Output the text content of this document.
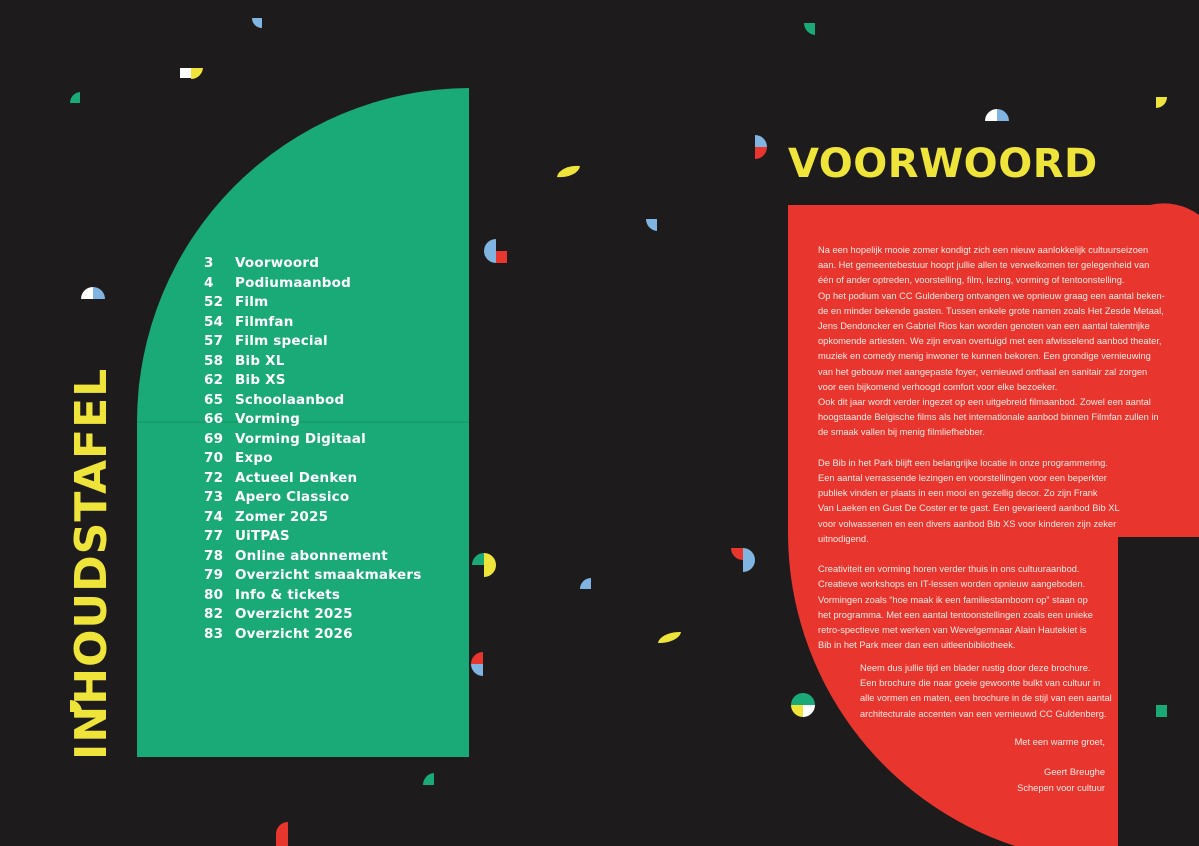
INHOUDSTAFEL
3	Voorwoord
4	Podiumaanbod
52 Film
54 Filmfan
57 Film special
58 Bib XL
62 Bib XS
65 Schoolaanbod
66 Vorming
69 Vorming Digitaal
70 Expo
72 Actueel Denken
73 Apero Classico
74 Zomer 2025
77 UiTPAS
78 Online abonnement
79 Overzicht smaakmakers
80 Info & tickets
82 Overzicht 2025
83 Overzicht 2026
VOORWOORD

Na een hopelijk mooie zomer kondigt zich een nieuw aanlokkelijk cultuurseizoen
aan. Het gemeentebestuur hoopt jullie allen te verwelkomen ter gelegenheid van
één of ander optreden, voorstelling, film, lezing, vorming of tentoonstelling.
Op het podium van CC Guldenberg ontvangen we opnieuw graag een aantal beken-
de en minder bekende gasten. Tussen enkele grote namen zoals Het Zesde Metaal,
Jens Dendoncker en Gabriel Rios kan worden genoten van een aantal talentrijke
opkomende artiesten. We zijn ervan overtuigd met een afwisselend aanbod theater,
muziek en comedy menig inwoner te kunnen bekoren. Een grondige vernieuwing
van het gebouw met aangepaste foyer, vernieuwd onthaal en sanitair zal zorgen
voor een bijkomend verhoogd comfort voor elke bezoeker.
Ook dit jaar wordt verder ingezet op een uitgebreid filmaanbod. Zowel een aantal
hoogstaande Belgische films als het internationale aanbod binnen Filmfan zullen in
de smaak vallen bij menig filmliefhebber.

De Bib in het Park blijft een belangrijke locatie in onze programmering.
Een aantal verrassende lezingen en voorstellingen voor een beperkter
publiek vinden er plaats in een mooi en gezellig decor. Zo zijn Frank
Van Laeken en Gust De Coster er te gast. Een gevarieerd aanbod Bib XL
voor volwassenen en een divers aanbod Bib XS voor kinderen zijn zeker
uitnodigend.

Creativiteit en vorming horen verder thuis in ons cultuuraanbod.
Creatieve workshops en IT-lessen worden opnieuw aangeboden.
Vormingen zoals “hoe maak ik een familiestamboom op” staan op
het programma. Met een aantal tentoonstellingen zoals een unieke
retro-spectieve met werken van Wevelgemnaar Alain Hautekiet is
Bib in het Park meer dan een uitleenbibliotheek.

Neem dus jullie tijd en blader rustig door deze brochure.
Een brochure die naar goeie gewoonte bulkt van cultuur in
alle vormen en maten, een brochure in de stijl van een aantal
architecturale accenten van een vernieuwd CC Guldenberg.

Met een warme groet,

Geert Breughe

Schepen voor cultuur
